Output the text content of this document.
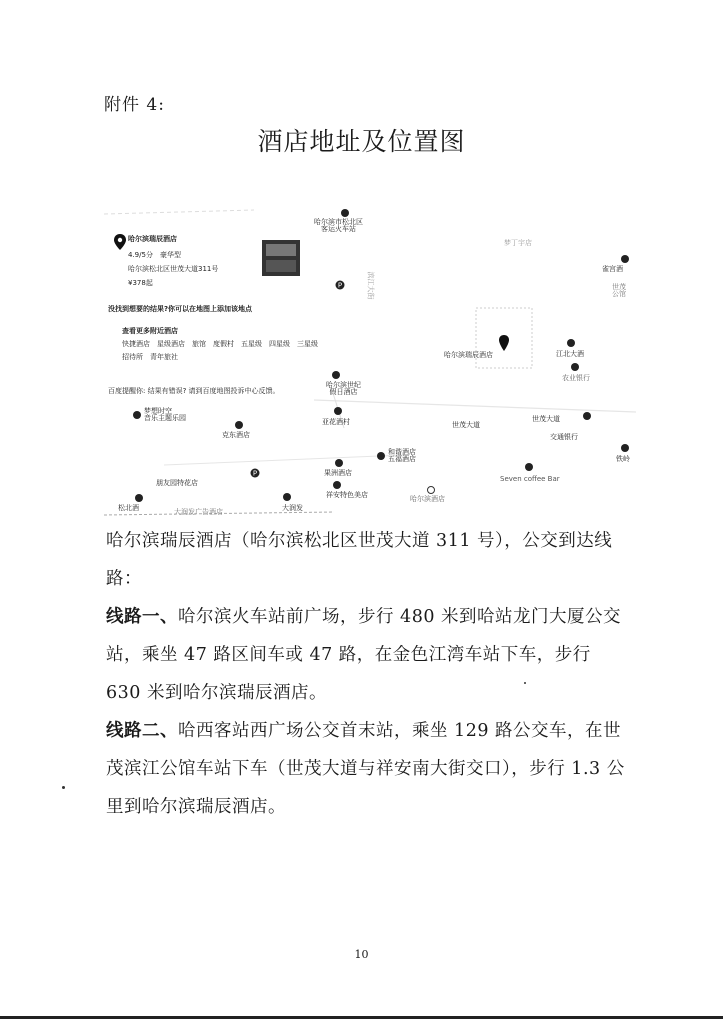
附件 4:
酒店地址及位置图
哈尔滨瑞辰酒店
4.9/5分　豪华型
哈尔滨松北区世茂大道311号
¥378起
没找到想要的结果?你可以在地图上添加该地点
查看更多附近酒店
快捷酒店　星级酒店　旅馆　度假村　五星级　四星级　三星级
招待所　青年旅社
百度提醒你: 结果有错误? 请到百度地图投诉中心反馈。
哈尔滨市松北区
客运火车站
梦丁宇店
雀宫酒
世茂
公馆
P
哈尔滨瑞辰酒店	江北大酒
农业银行
哈尔滨世纪
假日酒店
亚花酒村
梦想时空
音乐主题乐园
克东酒店
世茂大道
世茂大道
交通银行
铁岭
和谐酒店
五福酒店
果洲酒店
Seven coffee Bar
P
朋友园特花店
祥安特色美店	哈尔滨酒店
松北酒	大润发
大润发广告酒店
滨江大街
哈尔滨瑞辰酒店（哈尔滨松北区世茂大道 311 号），公交到达线路：
线路一、哈尔滨火车站前广场，步行 480 米到哈站龙门大厦公交站，乘坐 47 路区间车或 47 路，在金色江湾车站下车，步行 630 米到哈尔滨瑞辰酒店。
线路二、哈西客站西广场公交首末站，乘坐 129 路公交车，在世茂滨江公馆车站下车（世茂大道与祥安南大街交口），步行 1.3 公里到哈尔滨瑞辰酒店。
10
